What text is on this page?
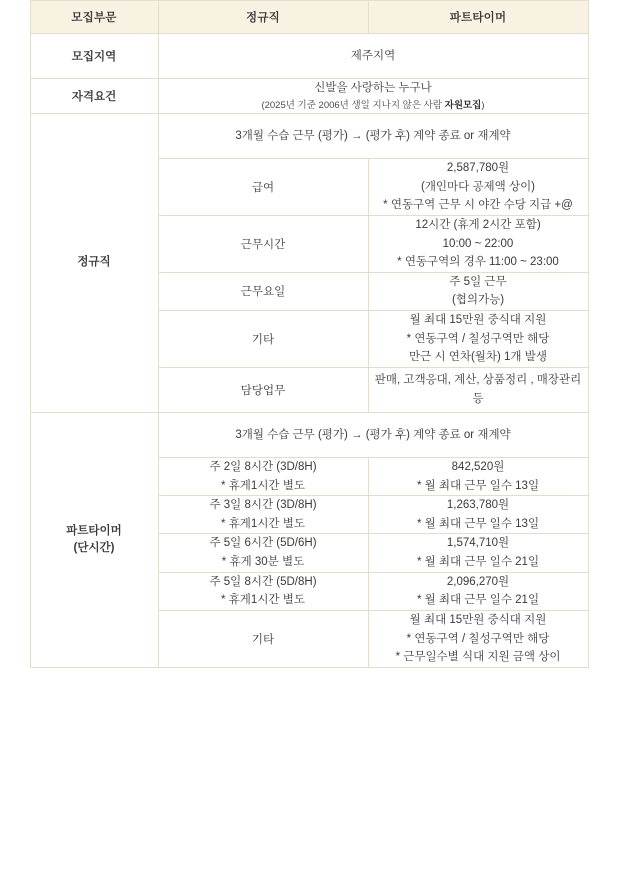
모집부문	정규직	파트타이머
모집지역	제주지역	
자격요건	신발을 사랑하는 누구나
(2025년 기준 2006년 생일 지나지 않은 사람 자원모집)	

정규직	3개월 수습 근무 (평가) → (평가 후) 계약 종료 or 재계약	
	급여	2,587,780원
(개인마다 공제액 상이)
* 연동구역 근무 시 야간 수당 지급 +@

	근무시간	12시간 (휴게 2시간 포함)
10:00 ~ 22:00
* 연동구역의 경우 11:00 ~ 23:00

	근무요일	주 5일 근무
(협의가능)

	기타	월 최대 15만원 중식대 지원
* 연동구역 / 칠성구역만 해당
만근 시 연차(월차) 1개 발생

	담당업무	판매, 고객응대, 계산, 상품정리 , 매장관리 등

파트타이머
(단시간)	3개월 수습 근무 (평가) → (평가 후) 계약 종료 or 재계약	

	주 2일 8시간 (3D/8H)
* 휴게1시간 별도	842,520원
* 월 최대 근무 일수 13일

	주 3일 8시간 (3D/8H)
* 휴게1시간 별도	1,263,780원
* 월 최대 근무 일수 13일

	주 5일 6시간 (5D/6H)
* 휴게 30분 별도	1,574,710원
* 월 최대 근무 일수 21일

	주 5일 8시간 (5D/8H)
* 휴게1시간 별도	2,096,270원
* 월 최대 근무 일수 21일

	기타	월 최대 15만원 중식대 지원
* 연동구역 / 칠성구역만 해당
* 근무일수별 식대 지원 금액 상이
